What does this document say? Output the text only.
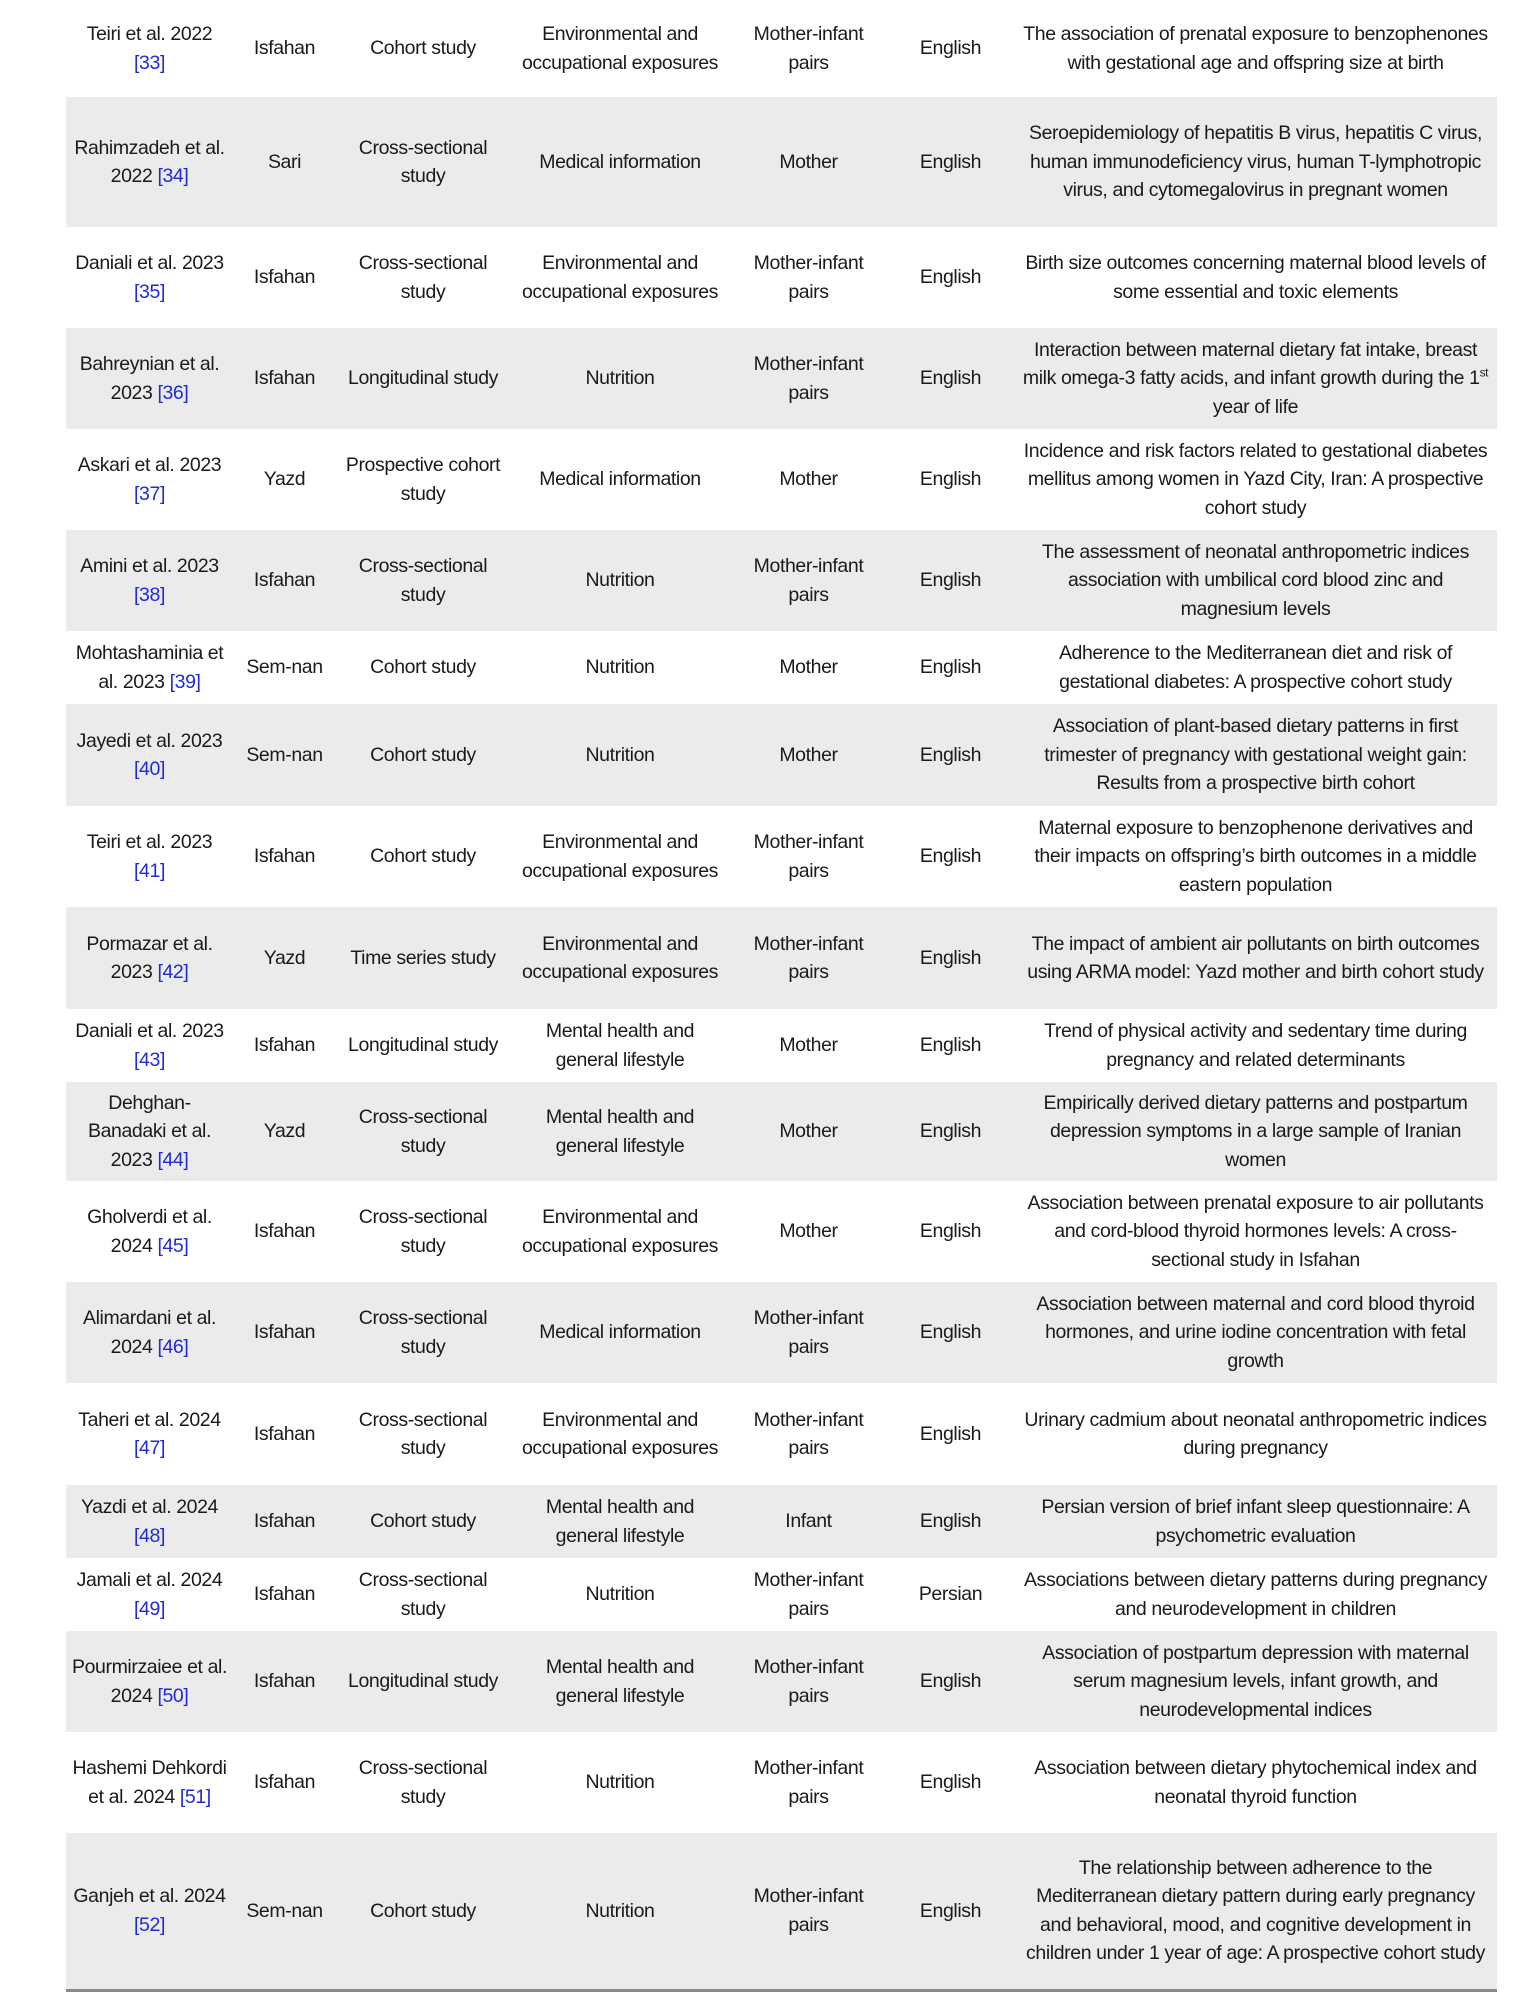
Teiri et al. 2022 [33]	Isfahan	Cohort study	Environmental and occupational exposures	Mother-infant pairs	English	The association of prenatal exposure to benzophenones with gestational age and offspring size at birth
Rahimzadeh et al. 2022 [34]	Sari	Cross-sectional study	Medical information	Mother	English	Seroepidemiology of hepatitis B virus, hepatitis C virus, human immunodeficiency virus, human T-lymphotropic virus, and cytomegalovirus in pregnant women
Daniali et al. 2023 [35]	Isfahan	Cross-sectional study	Environmental and occupational exposures	Mother-infant pairs	English	Birth size outcomes concerning maternal blood levels of some essential and toxic elements
Bahreynian et al. 2023 [36]	Isfahan	Longitudinal study	Nutrition	Mother-infant pairs	English	Interaction between maternal dietary fat intake, breast milk omega-3 fatty acids, and infant growth during the 1st year of life
Askari et al. 2023 [37]	Yazd	Prospective cohort study	Medical information	Mother	English	Incidence and risk factors related to gestational diabetes mellitus among women in Yazd City, Iran: A prospective cohort study
Amini et al. 2023 [38]	Isfahan	Cross-sectional study	Nutrition	Mother-infant pairs	English	The assessment of neonatal anthropometric indices association with umbilical cord blood zinc and magnesium levels
Mohtashaminia et al. 2023 [39]	Sem-nan	Cohort study	Nutrition	Mother	English	Adherence to the Mediterranean diet and risk of gestational diabetes: A prospective cohort study
Jayedi et al. 2023 [40]	Sem-nan	Cohort study	Nutrition	Mother	English	Association of plant-based dietary patterns in first trimester of pregnancy with gestational weight gain: Results from a prospective birth cohort
Teiri et al. 2023 [41]	Isfahan	Cohort study	Environmental and occupational exposures	Mother-infant pairs	English	Maternal exposure to benzophenone derivatives and their impacts on offspring’s birth outcomes in a middle eastern population
Pormazar et al. 2023 [42]	Yazd	Time series study	Environmental and occupational exposures	Mother-infant pairs	English	The impact of ambient air pollutants on birth outcomes using ARMA model: Yazd mother and birth cohort study
Daniali et al. 2023 [43]	Isfahan	Longitudinal study	Mental health and general lifestyle	Mother	English	Trend of physical activity and sedentary time during pregnancy and related determinants
Dehghan-Banadaki et al. 2023 [44]	Yazd	Cross-sectional study	Mental health and general lifestyle	Mother	English	Empirically derived dietary patterns and postpartum depression symptoms in a large sample of Iranian women
Gholverdi et al. 2024 [45]	Isfahan	Cross-sectional study	Environmental and occupational exposures	Mother	English	Association between prenatal exposure to air pollutants and cord-blood thyroid hormones levels: A cross-sectional study in Isfahan
Alimardani et al. 2024 [46]	Isfahan	Cross-sectional study	Medical information	Mother-infant pairs	English	Association between maternal and cord blood thyroid hormones, and urine iodine concentration with fetal growth
Taheri et al. 2024 [47]	Isfahan	Cross-sectional study	Environmental and occupational exposures	Mother-infant pairs	English	Urinary cadmium about neonatal anthropometric indices during pregnancy
Yazdi et al. 2024 [48]	Isfahan	Cohort study	Mental health and general lifestyle	Infant	English	Persian version of brief infant sleep questionnaire: A psychometric evaluation
Jamali et al. 2024 [49]	Isfahan	Cross-sectional study	Nutrition	Mother-infant pairs	Persian	Associations between dietary patterns during pregnancy and neurodevelopment in children
Pourmirzaiee et al. 2024 [50]	Isfahan	Longitudinal study	Mental health and general lifestyle	Mother-infant pairs	English	Association of postpartum depression with maternal serum magnesium levels, infant growth, and neurodevelopmental indices
Hashemi Dehkordi et al. 2024 [51]	Isfahan	Cross-sectional study	Nutrition	Mother-infant pairs	English	Association between dietary phytochemical index and neonatal thyroid function
Ganjeh et al. 2024 [52]	Sem-nan	Cohort study	Nutrition	Mother-infant pairs	English	The relationship between adherence to the Mediterranean dietary pattern during early pregnancy and behavioral, mood, and cognitive development in children under 1 year of age: A prospective cohort study
